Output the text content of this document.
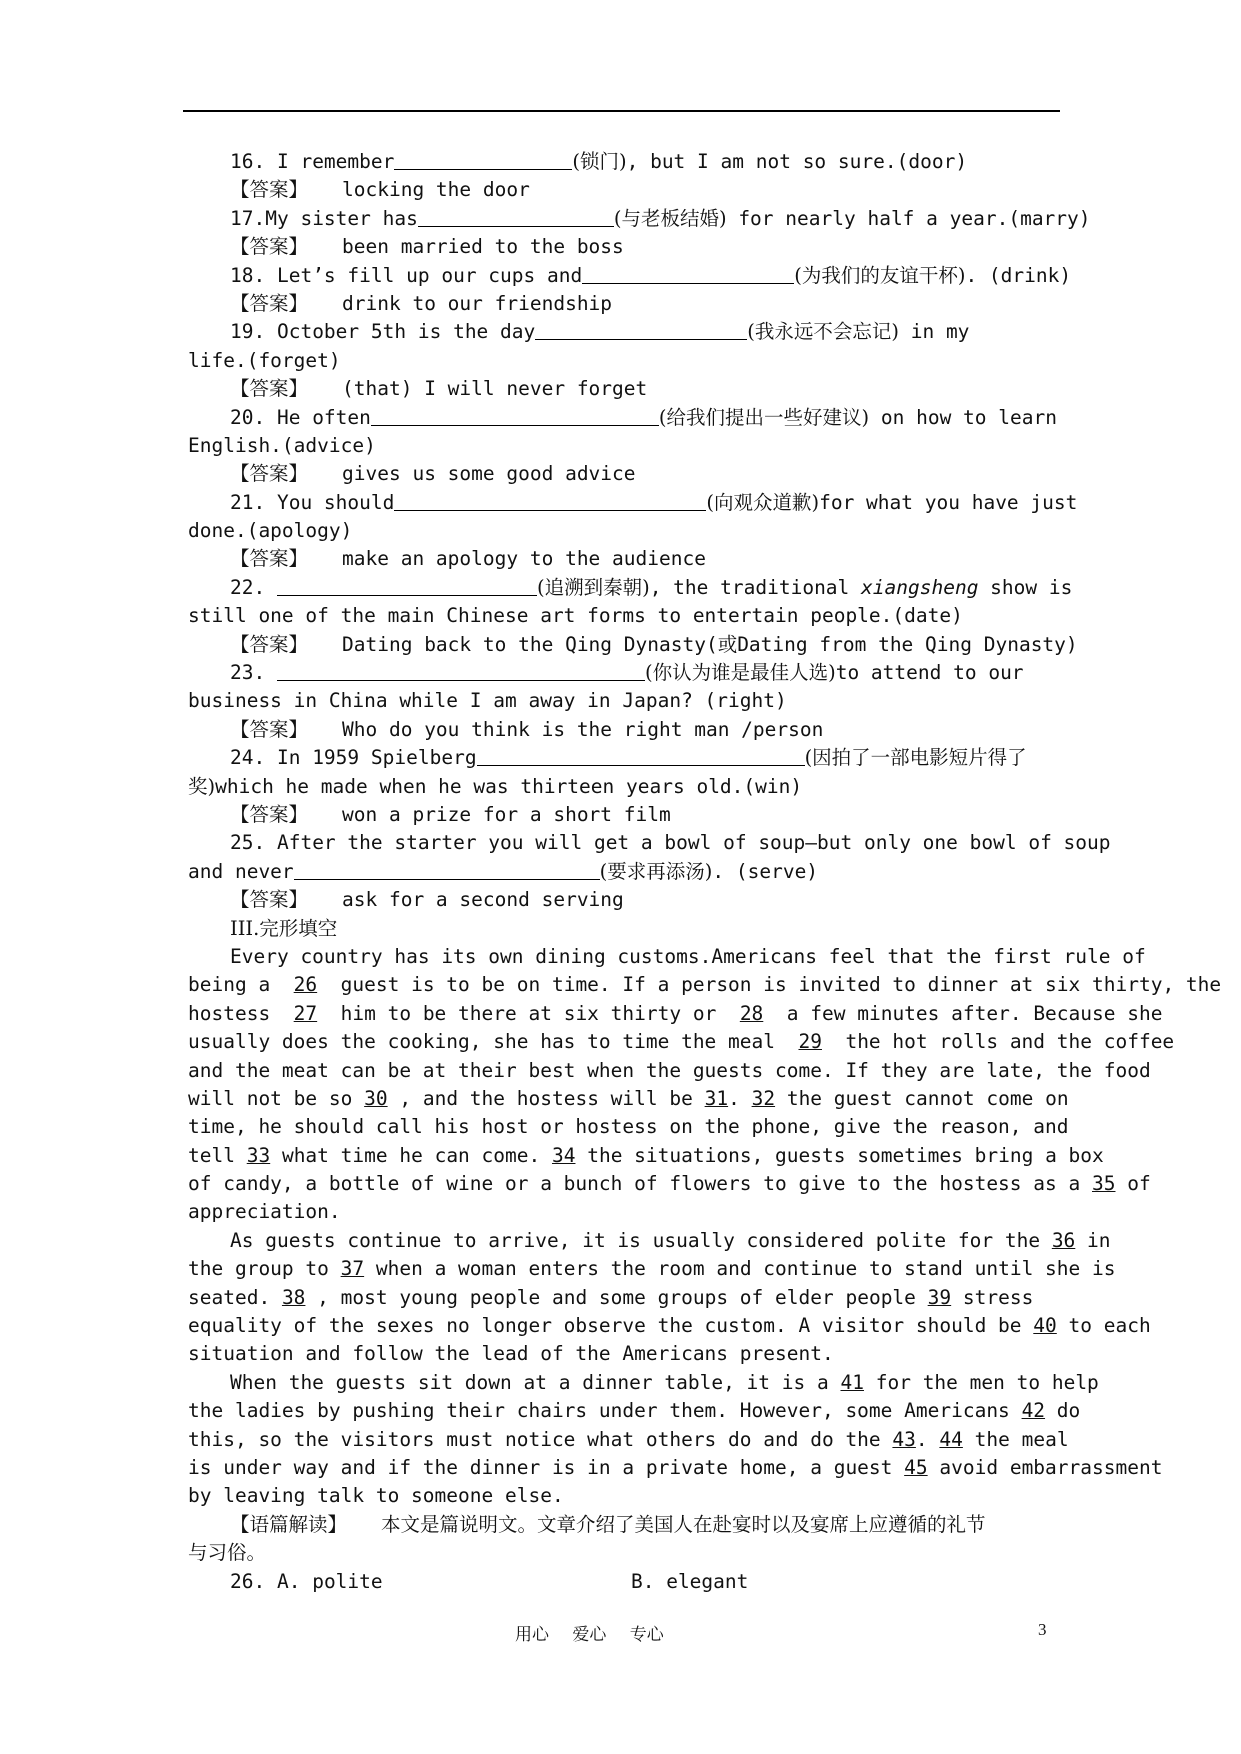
16. I remember	(锁门), but I am not so sure.(door)
【答案】 locking the door
17.My sister has	(与老板结婚) for nearly half a year.(marry)
【答案】 been married to the boss
18. Let’s fill up our cups and	(为我们的友谊干杯). (drink)
【答案】 drink to our friendship
19. October 5th is the day	(我永远不会忘记) in my
life.(forget)
【答案】 (that) I will never forget
20. He often	(给我们提出一些好建议) on how to learn
English.(advice)
【答案】 gives us some good advice
21. You should	(向观众道歉)for what you have just
done.(apology)
【答案】 make an apology to the audience
22.	(追溯到秦朝), the traditional xiangsheng show is
still one of the main Chinese art forms to entertain people.(date)
【答案】 Dating back to the Qing Dynasty(或Dating from the Qing Dynasty)
23.	(你认为谁是最佳人选)to attend to our
business in China while I am away in Japan? (right)
【答案】 Who do you think is the right man /person
24. In 1959 Spielberg	(因拍了一部电影短片得了
奖)which he made when he was thirteen years old.(win)
【答案】 won a prize for a short film
25. After the starter you will get a bowl of soup—but only one bowl of soup
and never	(要求再添汤). (serve)
【答案】 ask for a second serving
III.完形填空
Every country has its own dining customs.Americans feel that the first rule of
being a 26 guest is to be on time. If a person is invited to dinner at six thirty, the
hostess 27 him to be there at six thirty or 28 a few minutes after. Because she
usually does the cooking, she has to time the meal 29 the hot rolls and the coffee
and the meat can be at their best when the guests come. If they are late, the food
will not be so 30 , and the hostess will be 31. 32 the guest cannot come on
time, he should call his host or hostess on the phone, give the reason, and
tell 33 what time he can come. 34 the situations, guests sometimes bring a box
of candy, a bottle of wine or a bunch of flowers to give to the hostess as a 35 of
appreciation.
As guests continue to arrive, it is usually considered polite for the 36 in
the group to 37 when a woman enters the room and continue to stand until she is
seated. 38 , most young people and some groups of elder people 39 stress
equality of the sexes no longer observe the custom. A visitor should be 40 to each
situation and follow the lead of the Americans present.
When the guests sit down at a dinner table, it is a 41 for the men to help
the ladies by pushing their chairs under them. However, some Americans 42 do
this, so the visitors must notice what others do and do the 43. 44 the meal
is under way and if the dinner is in a private home, a guest 45 avoid embarrassment
by leaving talk to someone else.
【语篇解读】 本文是篇说明文。文章介绍了美国人在赴宴时以及宴席上应遵循的礼节
与习俗。
26. A. polite	B. elegant
用心 爱心 专心	3
